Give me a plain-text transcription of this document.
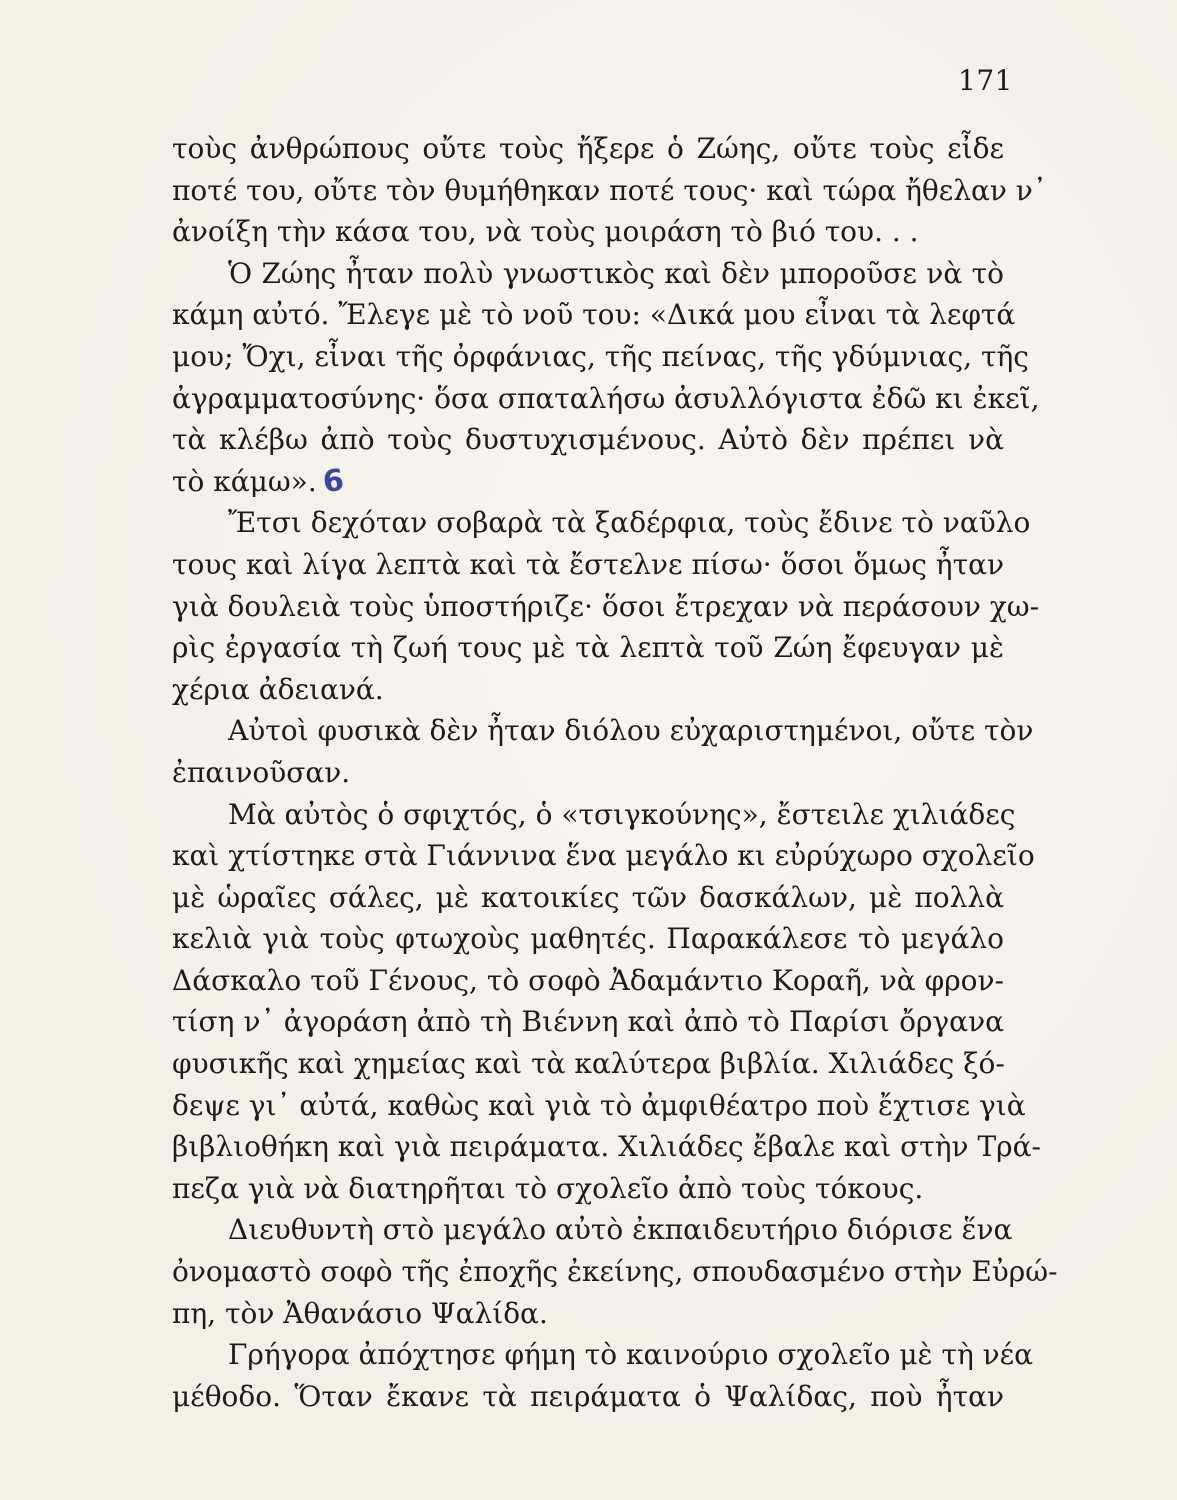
171
τοὺς ἀνθρώπους οὔτε τοὺς ἤξερε ὁ Ζώης, οὔτε τοὺς εἶδε
ποτέ του, οὔτε τὸν θυμήθηκαν ποτέ τους· καὶ τώρα ἤθελαν ν᾽
ἀνοίξη τὴν κάσα του, νὰ τοὺς μοιράση τὸ βιό του. . .
Ὁ Ζώης ἦταν πολὺ γνωστικὸς καὶ δὲν μποροῦσε νὰ τὸ
κάμη αὐτό. Ἔλεγε μὲ τὸ νοῦ του: «Δικά μου εἶναι τὰ λεφτά
μου; Ὄχι, εἶναι τῆς ὀρφάνιας, τῆς πείνας, τῆς γδύμνιας, τῆς
ἀγραμματοσύνης· ὅσα σπαταλήσω ἀσυλλόγιστα ἐδῶ κι ἐκεῖ,
τὰ κλέβω ἀπὸ τοὺς δυστυχισμένους. Αὐτὸ δὲν πρέπει νὰ
τὸ κάμω». 6
Ἔτσι δεχόταν σοβαρὰ τὰ ξαδέρφια, τοὺς ἔδινε τὸ ναῦλο
τους καὶ λίγα λεπτὰ καὶ τὰ ἔστελνε πίσω· ὅσοι ὅμως ἦταν
γιὰ δουλειὰ τοὺς ὑποστήριζε· ὅσοι ἔτρεχαν νὰ περάσουν χω-
ρὶς ἐργασία τὴ ζωή τους μὲ τὰ λεπτὰ τοῦ Ζώη ἔφευγαν μὲ
χέρια ἀδειανά.
Αὐτοὶ φυσικὰ δὲν ἦταν διόλου εὐχαριστημένοι, οὔτε τὸν
ἐπαινοῦσαν.
Μὰ αὐτὸς ὁ σφιχτός, ὁ «τσιγκούνης», ἔστειλε χιλιάδες
καὶ χτίστηκε στὰ Γιάννινα ἕνα μεγάλο κι εὐρύχωρο σχολεῖο
μὲ ὡραῖες σάλες, μὲ κατοικίες τῶν δασκάλων, μὲ πολλὰ
κελιὰ γιὰ τοὺς φτωχοὺς μαθητές. Παρακάλεσε τὸ μεγάλο
Δάσκαλο τοῦ Γένους, τὸ σοφὸ Ἀδαμάντιο Κοραῆ, νὰ φρον-
τίση ν᾽ ἀγοράση ἀπὸ τὴ Βιέννη καὶ ἀπὸ τὸ Παρίσι ὄργανα
φυσικῆς καὶ χημείας καὶ τὰ καλύτερα βιβλία. Χιλιάδες ξό-
δεψε γι᾽ αὐτά, καθὼς καὶ γιὰ τὸ ἀμφιθέατρο ποὺ ἔχτισε γιὰ
βιβλιοθήκη καὶ γιὰ πειράματα. Χιλιάδες ἔβαλε καὶ στὴν Τρά-
πεζα γιὰ νὰ διατηρῆται τὸ σχολεῖο ἀπὸ τοὺς τόκους.
Διευθυντὴ στὸ μεγάλο αὐτὸ ἐκπαιδευτήριο διόρισε ἕνα
ὀνομαστὸ σοφὸ τῆς ἐποχῆς ἐκείνης, σπουδασμένο στὴν Εὐρώ-
πη, τὸν Ἀθανάσιο Ψαλίδα.
Γρήγορα ἀπόχτησε φήμη τὸ καινούριο σχολεῖο μὲ τὴ νέα
μέθοδο. Ὅταν ἔκανε τὰ πειράματα ὁ Ψαλίδας, ποὺ ἦταν
